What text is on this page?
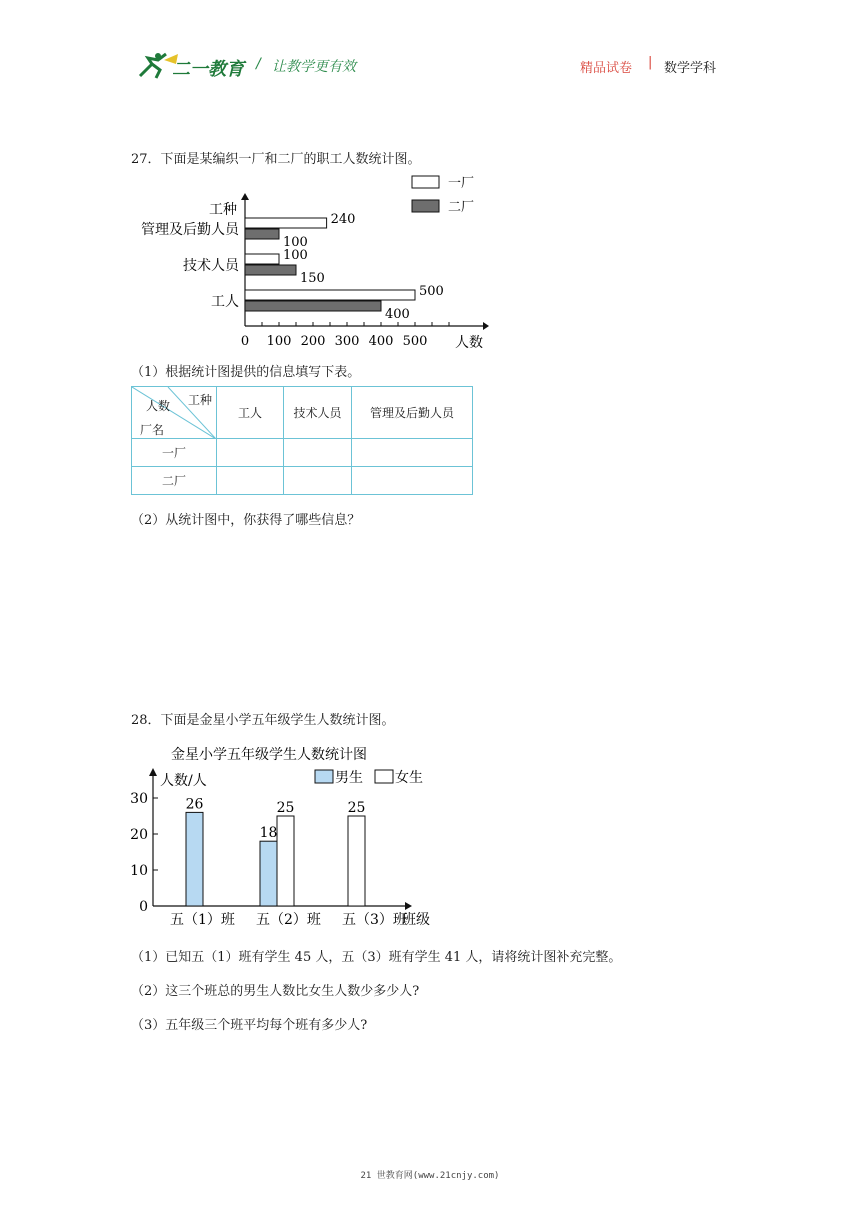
二一教育 / 让教学更有效	精品试卷 | 数学学科
27．下面是某编织一厂和二厂的职工人数统计图。
0 100 200 300 400 500 人数
工种
管理及后勤人员
240
100
技术人员
100
150
工人
500
400
一厂
二厂
（1）根据统计图提供的信息填写下表。
工种
人数
厂名	工人	技术人员	管理及后勤人员
一厂			
二厂			
（2）从统计图中，你获得了哪些信息？
28．下面是金星小学五年级学生人数统计图。
金星小学五年级学生人数统计图
人数/人
0
10
20
30
五（1）班 五（2）班 五（3）班
班级
26
18
25	25
男生 女生
（1）已知五（1）班有学生 45 人，五（3）班有学生 41 人，请将统计图补充完整。
（2）这三个班总的男生人数比女生人数少多少人?
（3）五年级三个班平均每个班有多少人?
21 世教育网(www.21cnjy.com)
